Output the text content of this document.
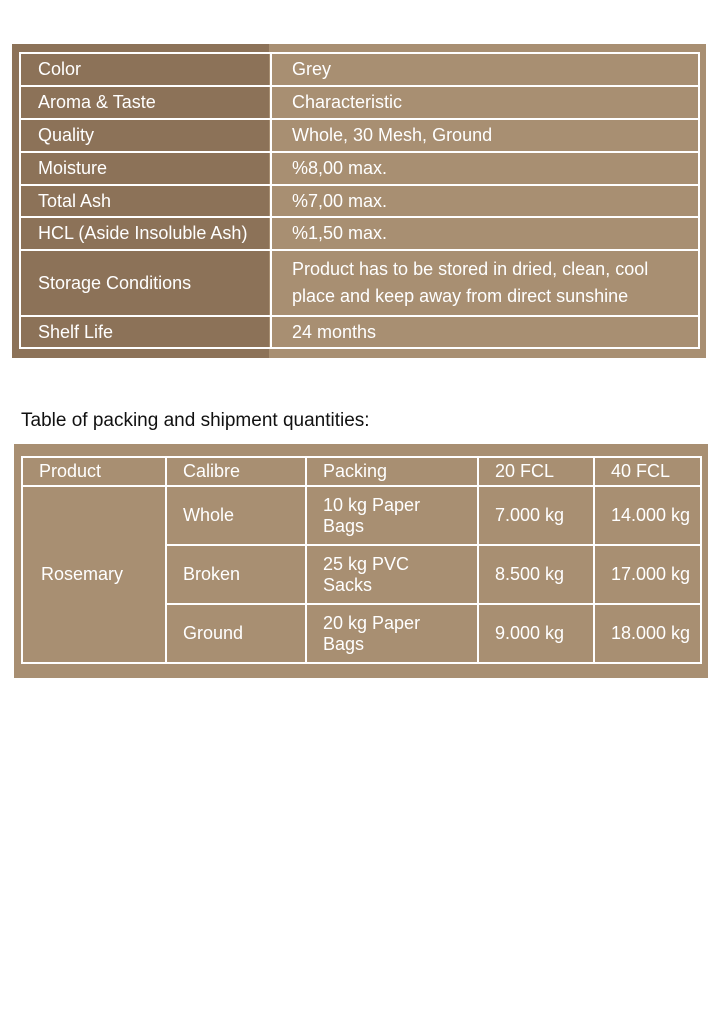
Color	Grey
Aroma & Taste	Characteristic
Quality	Whole, 30 Mesh, Ground
Moisture	%8,00 max.
Total Ash	%7,00 max.
HCL (Aside Insoluble Ash)	%1,50 max.
Storage Conditions	Product has to be stored in dried, clean, cool place and keep away from direct sunshine
Shelf Life	24 months
Table of packing and shipment quantities:
Product	Calibre	Packing	20 FCL	40 FCL
Rosemary	Whole	10 kg Paper Bags	7.000 kg	14.000 kg
	Broken	25 kg PVC Sacks	8.500 kg	17.000 kg
	Ground	20 kg Paper Bags	9.000 kg	18.000 kg
